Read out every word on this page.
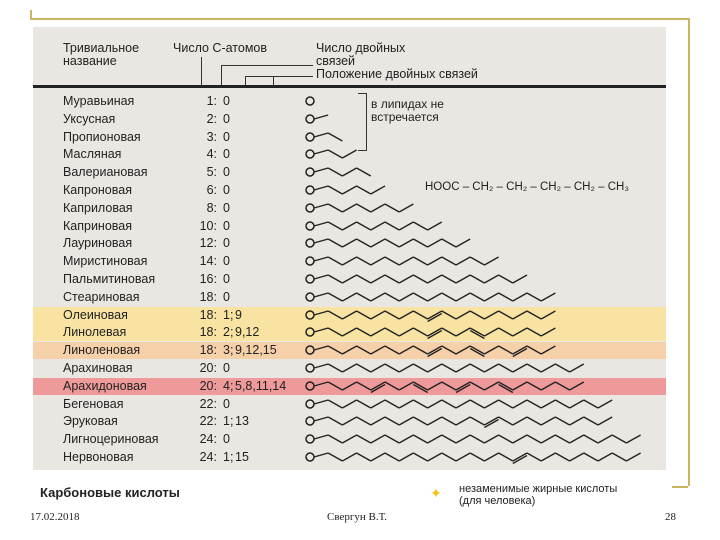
Тривиальное
название
Число С-атомов	Число двойных
связей
Положение двойных связей
Муравьиная	1: 0
Уксусная	2: 0
Пропионовая	3: 0
Масляная	4: 0
Валериановая	5: 0
Капроновая	6: 0
Каприловая	8: 0
Каприновая	10: 0
Лауриновая	12: 0
Миристиновая	14: 0
Пальмитиновая	16: 0
Стеариновая	18: 0
Олеиновая	18: 1; 9
Линолевая	18: 2; 9,12
Линоленовая	18: 3; 9,12,15
Арахиновая	20: 0
Арахидоновая	20: 4; 5,8,11,14
Бегеновая	22: 0
Эруковая	22: 1; 13
Лигноцериновая	24: 0
Нервоновая	24: 1; 15
в липидах не
встречается
HOOC – CH₂ – CH₂ – CH₂ – CH₂ – CH₃
Карбоновые кислоты	✦ незаменимые жирные кислоты
(для человека)
17.02.2018	Свергун В.Т.	28
